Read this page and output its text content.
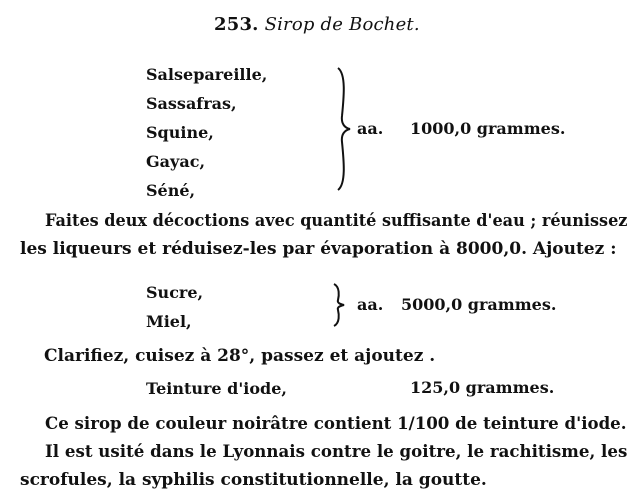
253. Sirop de Bochet.
Salsepareille,
Sassafras,
Squine,
Gayac,
Séné,
aa. 1000,0 grammes.
Faites deux décoctions avec quantité suffisante d'eau ; réunissez
les liqueurs et réduisez-les par évaporation à 8000,0. Ajoutez :
Sucre,
Miel,
aa. 5000,0 grammes.
Clarifiez, cuisez à 28°, passez et ajoutez .
Teinture d'iode,	125,0 grammes.
Ce sirop de couleur noirâtre contient 1/100 de teinture d'iode.
Il est usité dans le Lyonnais contre le goitre, le rachitisme, les
scrofules, la syphilis constitutionnelle, la goutte.
